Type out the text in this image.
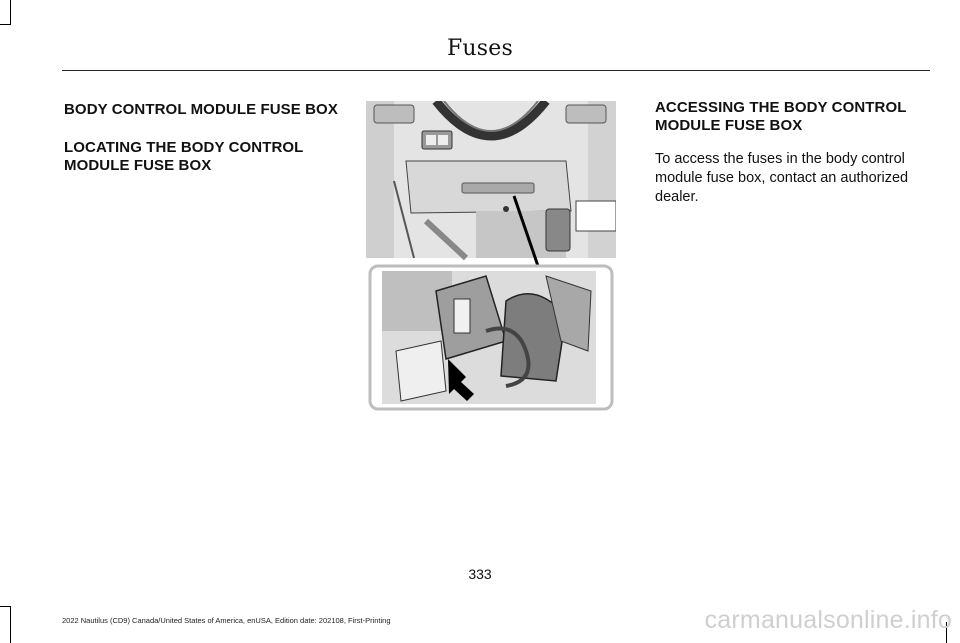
Fuses

BODY CONTROL MODULE FUSE BOX

LOCATING THE BODY CONTROL

MODULE FUSE BOX

ACCESSING THE BODY CONTROL

MODULE FUSE BOX

To access the fuses in the body control

module fuse box, contact an authorized

dealer.

333
2022 Nautilus (CD9) Canada/United States of America, enUSA, Edition date: 202108, First-Printing	carmanualsonline.info
